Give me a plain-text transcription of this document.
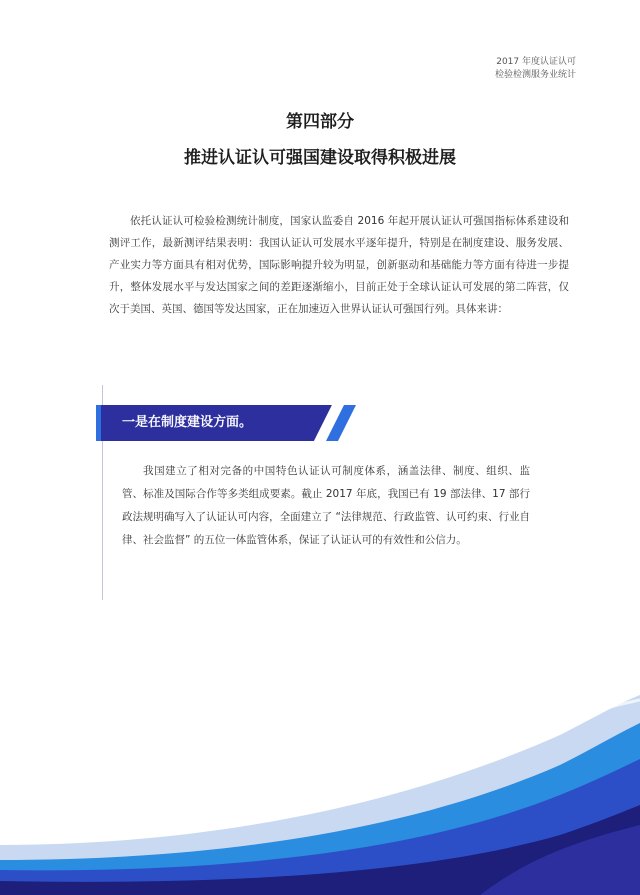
2017 年度认证认可
检验检测服务业统计
第四部分
推进认证认可强国建设取得积极进展
依托认证认可检验检测统计制度，国家认监委自 2016 年起开展认证认可强国指标体系建设和测评工作，最新测评结果表明：我国认证认可发展水平逐年提升，特别是在制度建设、服务发展、产业实力等方面具有相对优势，国际影响提升较为明显，创新驱动和基础能力等方面有待进一步提升，整体发展水平与发达国家之间的差距逐渐缩小，目前正处于全球认证认可发展的第二阵营，仅次于美国、英国、德国等发达国家，正在加速迈入世界认证认可强国行列。具体来讲：
一是在制度建设方面。
我国建立了相对完备的中国特色认证认可制度体系，涵盖法律、制度、组织、监管、标准及国际合作等多类组成要素。截止 2017 年底，我国已有 19 部法律、17 部行政法规明确写入了认证认可内容，全面建立了 “法律规范、行政监管、认可约束、行业自律、社会监督” 的五位一体监管体系，保证了认证认可的有效性和公信力。
